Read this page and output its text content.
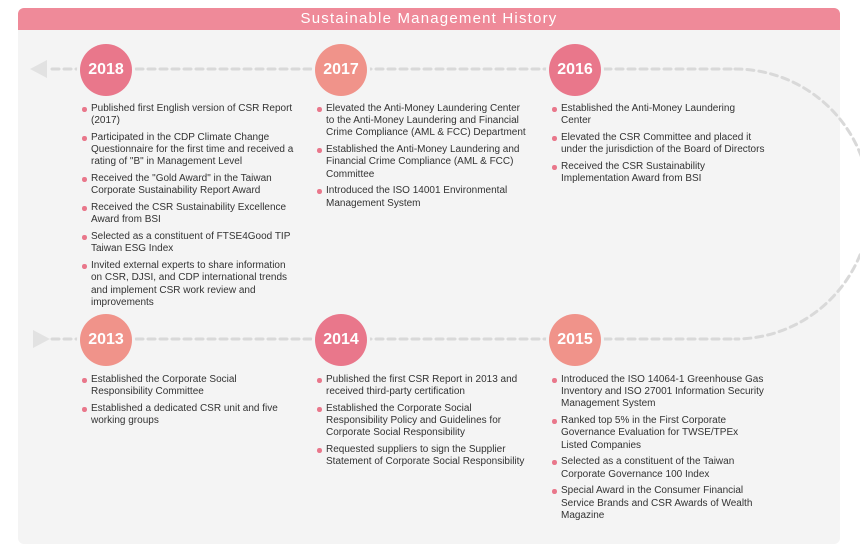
Sustainable Management History
2018	2017	2016
2013	2014	2015
Published first English version of CSR Report (2017)
Participated in the CDP Climate Change Questionnaire for the first time and received a rating of "B" in Management Level
Received the "Gold Award" in the Taiwan Corporate Sustainability Report Award
Received the CSR Sustainability Excellence Award from BSI
Selected as a constituent of FTSE4Good TIP Taiwan ESG Index
Invited external experts to share information on CSR, DJSI, and CDP international trends and implement CSR work review and improvements
Elevated the Anti-Money Laundering Center to the Anti-Money Laundering and Financial Crime Compliance (AML & FCC) Department
Established the Anti-Money Laundering and Financial Crime Compliance (AML & FCC) Committee
Introduced the ISO 14001 Environmental Management System
Established the Anti-Money Laundering Center
Elevated the CSR Committee and placed it under the jurisdiction of the Board of Directors
Received the CSR Sustainability Implementation Award from BSI
Established the Corporate Social Responsibility Committee
Established a dedicated CSR unit and five working groups
Published the first CSR Report in 2013 and received third-party certification
Established the Corporate Social Responsibility Policy and Guidelines for Corporate Social Responsibility
Requested suppliers to sign the Supplier Statement of Corporate Social Responsibility
Introduced the ISO 14064-1 Greenhouse Gas Inventory and ISO 27001 Information Security Management System
Ranked top 5% in the First Corporate Governance Evaluation for TWSE/TPEx Listed Companies
Selected as a constituent of the Taiwan Corporate Governance 100 Index
Special Award in the Consumer Financial Service Brands and CSR Awards of Wealth Magazine
